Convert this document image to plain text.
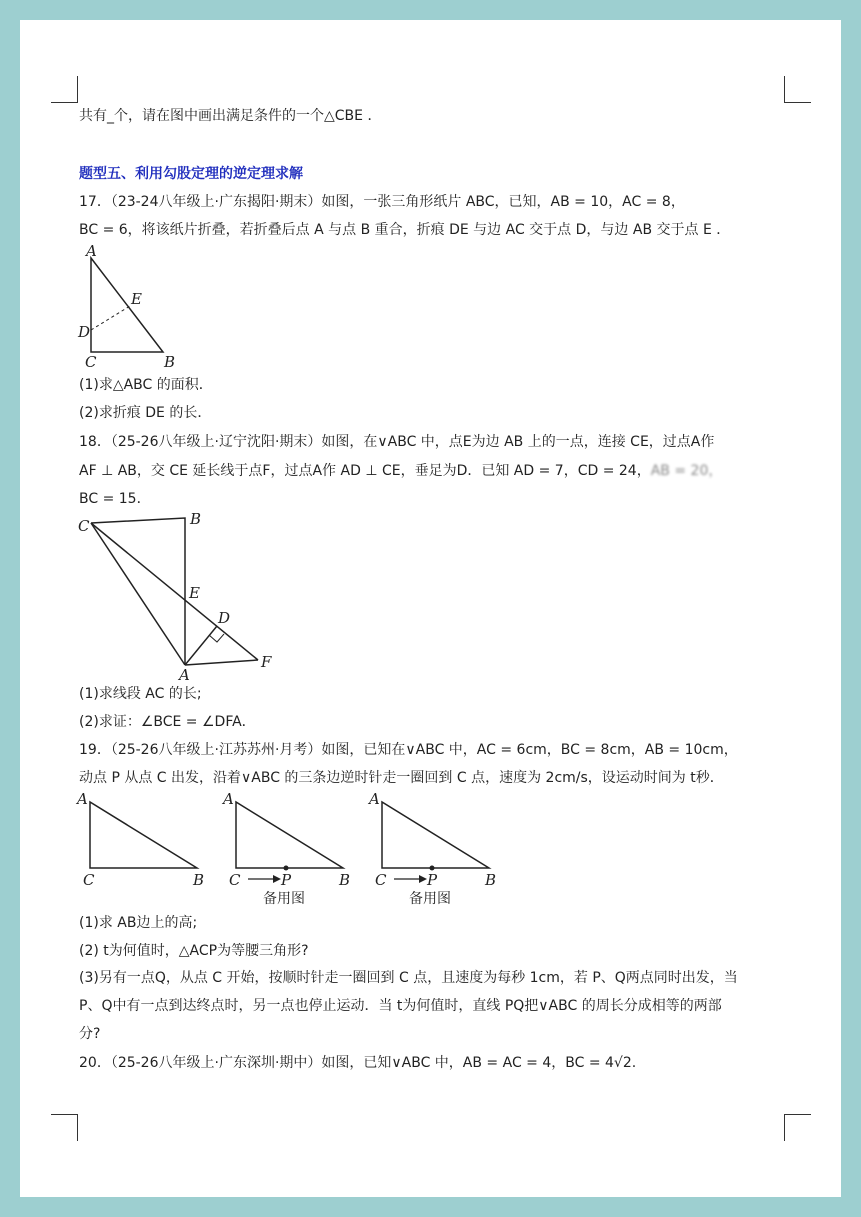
共有_个，请在图中画出满足条件的一个△CBE ．
题型五、利用勾股定理的逆定理求解
17．（23-24八年级上·广东揭阳·期末）如图，一张三角形纸片 ABC，已知，AB = 10，AC = 8，
BC = 6，将该纸片折叠，若折叠后点 A 与点 B 重合，折痕 DE 与边 AC 交于点 D，与边 AB 交于点 E ．
A
E
D
C	B
(1)求△ABC 的面积．
(2)求折痕 DE 的长．
18．（25-26八年级上·辽宁沈阳·期末）如图，在∨ABC 中，点E为边 AB 上的一点，连接 CE，过点A作
AF ⊥ AB，交 CE 延长线于点F，过点A作 AD ⊥ CE，垂足为D．已知 AD = 7，CD = 24，AB = 20，
BC = 15．
C	B
E
D
A
F
(1)求线段 AC 的长;
(2)求证：∠BCE = ∠DFA．
19．（25-26八年级上·江苏苏州·月考）如图，已知在∨ABC 中，AC = 6cm，BC = 8cm，AB = 10cm，
动点 P 从点 C 出发，沿着∨ABC 的三条边逆时针走一圈回到 C 点，速度为 2cm/s，设运动时间为 t秒．
A
C	B
A
C	P	B
备用图
A
C	P	B
备用图
(1)求 AB边上的高;
(2) t为何值时，△ACP为等腰三角形?
(3)另有一点Q，从点 C 开始，按顺时针走一圈回到 C 点，且速度为每秒 1cm，若 P、Q两点同时出发，当
P、Q中有一点到达终点时，另一点也停止运动．当 t为何值时，直线 PQ把∨ABC 的周长分成相等的两部
分?
20．（25-26八年级上·广东深圳·期中）如图，已知∨ABC 中，AB = AC = 4，BC = 4√2.
